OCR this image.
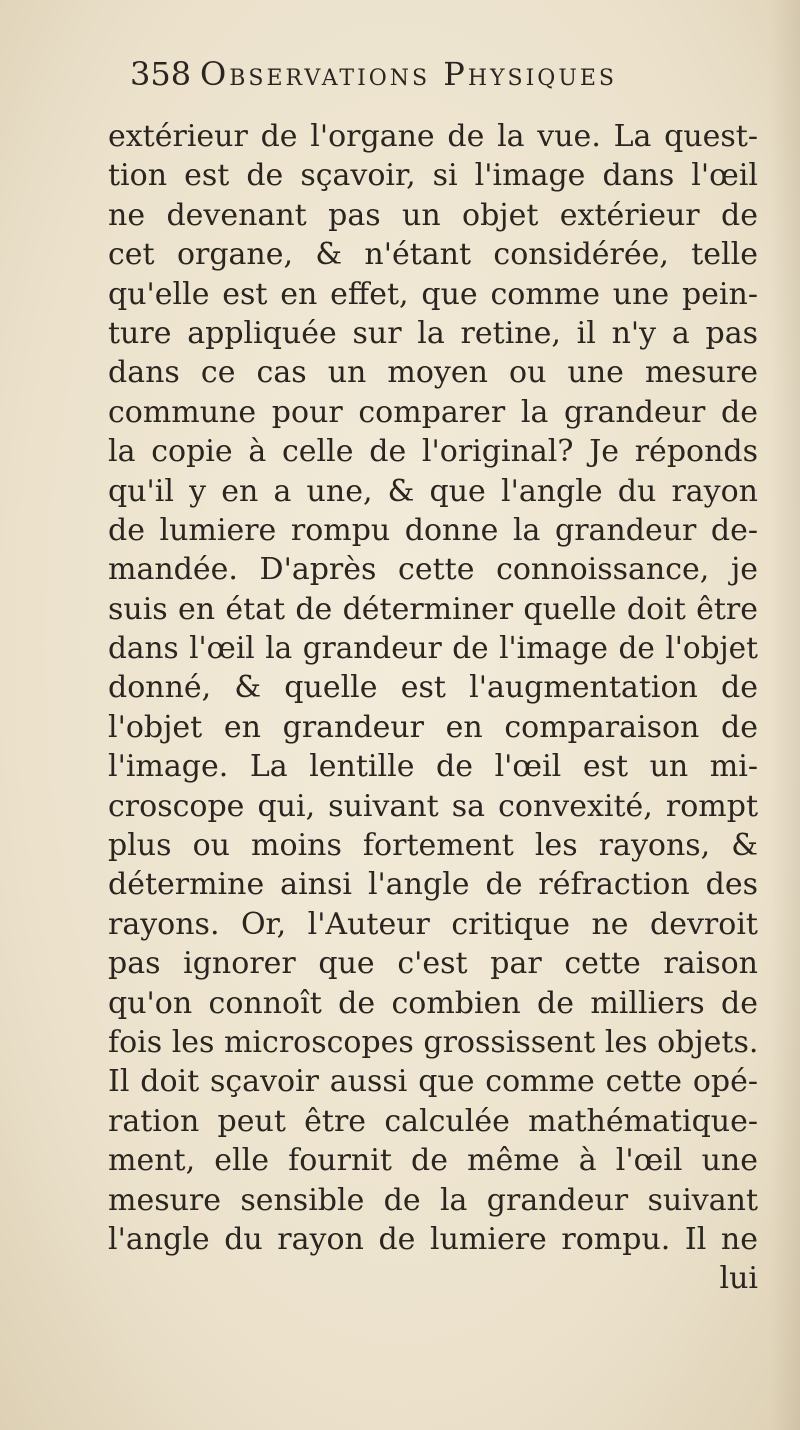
358 Observations Physiques
extérieur de l'organe de la vue. La quest-
tion est de sçavoir, si l'image dans l'œil
ne devenant pas un objet extérieur de
cet organe, & n'étant considérée, telle
qu'elle est en effet, que comme une pein-
ture appliquée sur la retine, il n'y a pas
dans ce cas un moyen ou une mesure
commune pour comparer la grandeur de
la copie à celle de l'original? Je réponds
qu'il y en a une, & que l'angle du rayon
de lumiere rompu donne la grandeur de-
mandée. D'après cette connoissance, je
suis en état de déterminer quelle doit être
dans l'œil la grandeur de l'image de l'objet
donné, & quelle est l'augmentation de
l'objet en grandeur en comparaison de
l'image. La lentille de l'œil est un mi-
croscope qui, suivant sa convexité, rompt
plus ou moins fortement les rayons, &
détermine ainsi l'angle de réfraction des
rayons. Or, l'Auteur critique ne devroit
pas ignorer que c'est par cette raison
qu'on connoît de combien de milliers de
fois les microscopes grossissent les objets.
Il doit sçavoir aussi que comme cette opé-
ration peut être calculée mathématique-
ment, elle fournit de même à l'œil une
mesure sensible de la grandeur suivant
l'angle du rayon de lumiere rompu. Il ne
lui
